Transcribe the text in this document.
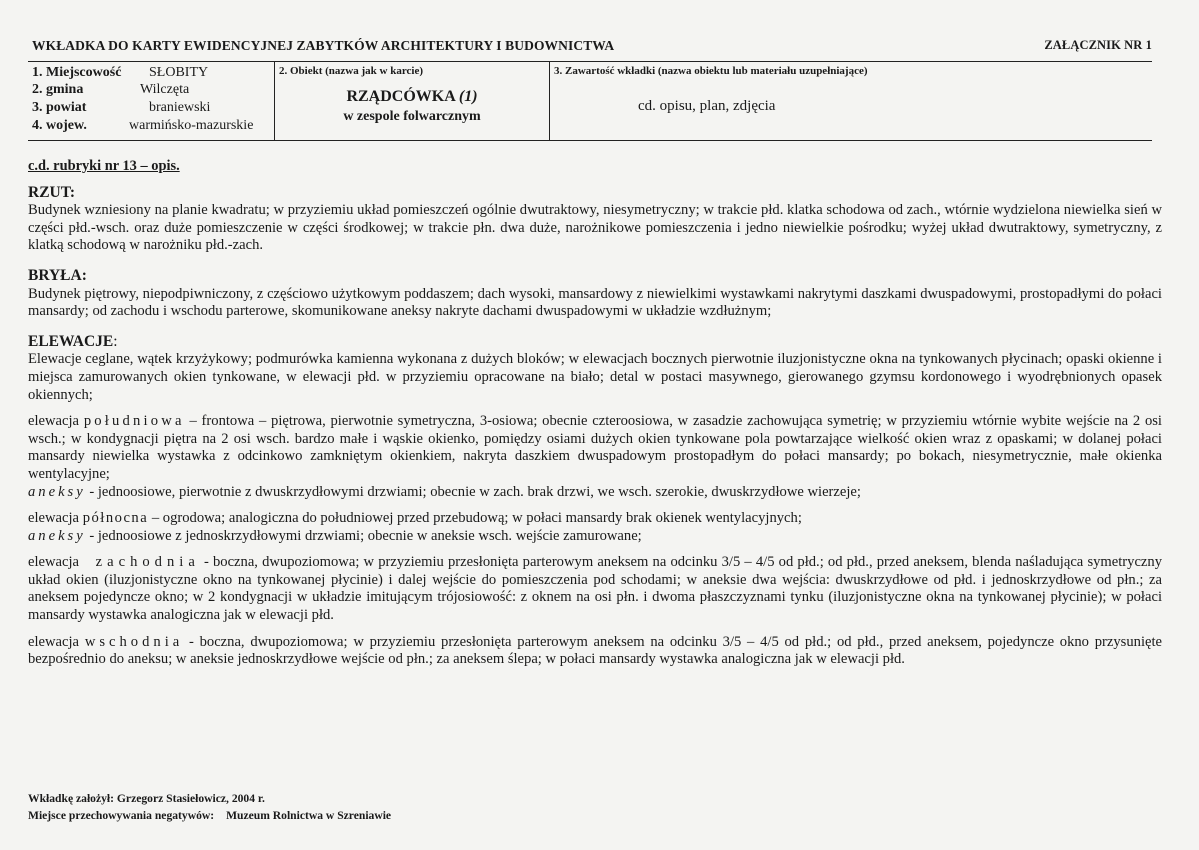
WKŁADKA DO KARTY EWIDENCYJNEJ ZABYTKÓW ARCHITEKTURY I BUDOWNICTWA	ZAŁĄCZNIK NR 1
1. Miejscowość SŁOBITY
2. gmina	Wilczęta
3. powiat	braniewski
4. wojew.	warmińsko-mazurskie
2. Obiekt (nazwa jak w karcie)
RZĄDCÓWKA (1)
w zespole folwarcznym
3. Zawartość wkładki (nazwa obiektu lub materiału uzupełniające)
cd. opisu, plan, zdjęcia
c.d. rubryki nr 13 – opis.
RZUT:

Budynek wzniesiony na planie kwadratu; w przyziemiu układ pomieszczeń ogólnie dwutraktowy, niesymetryczny; w trakcie płd. klatka schodowa od zach., wtórnie wydzielona niewielka sień w części płd.-wsch. oraz duże pomieszczenie w części środkowej; w trakcie płn. dwa duże, narożnikowe pomieszczenia i jedno niewielkie pośrodku; wyżej układ dwutraktowy, symetryczny, z klatką schodową w narożniku płd.-zach.

BRYŁA:

Budynek piętrowy, niepodpiwniczony, z częściowo użytkowym poddaszem; dach wysoki, mansardowy z niewielkimi wystawkami nakrytymi daszkami dwuspadowymi, prostopadłymi do połaci mansardy; od zachodu i wschodu parterowe, skomunikowane aneksy nakryte dachami dwuspadowymi w układzie wzdłużnym;

ELEWACJE:

Elewacje ceglane, wątek krzyżykowy; podmurówka kamienna wykonana z dużych bloków; w elewacjach bocznych pierwotnie iluzjonistyczne okna na tynkowanych płycinach; opaski okienne i miejsca zamurowanych okien tynkowane, w elewacji płd. w przyziemiu opracowane na biało; detal w postaci masywnego, gierowanego gzymsu kordonowego i wyodrębnionych opasek okiennych;

elewacja południowa – frontowa – piętrowa, pierwotnie symetryczna, 3-osiowa; obecnie czteroosiowa, w zasadzie zachowująca symetrię; w przyziemiu wtórnie wybite wejście na 2 osi wsch.; w kondygnacji piętra na 2 osi wsch. bardzo małe i wąskie okienko, pomiędzy osiami dużych okien tynkowane pola powtarzające wielkość okien wraz z opaskami; w dolanej połaci mansardy niewielka wystawka z odcinkowo zamkniętym okienkiem, nakryta daszkiem dwuspadowym prostopadłym do połaci mansardy; po bokach, niesymetrycznie, małe okienka wentylacyjne;
aneksy - jednoosiowe, pierwotnie z dwuskrzydłowymi drzwiami; obecnie w zach. brak drzwi, we wsch. szerokie, dwuskrzydłowe wierzeje;

elewacja północna – ogrodowa; analogiczna do południowej przed przebudową; w połaci mansardy brak okienek wentylacyjnych;
aneksy - jednoosiowe z jednoskrzydłowymi drzwiami; obecnie w aneksie wsch. wejście zamurowane;

elewacja zachodnia - boczna, dwupoziomowa; w przyziemiu przesłonięta parterowym aneksem na odcinku 3/5 – 4/5 od płd.; od płd., przed aneksem, blenda naśladująca symetryczny układ okien (iluzjonistyczne okno na tynkowanej płycinie) i dalej wejście do pomieszczenia pod schodami; w aneksie dwa wejścia: dwuskrzydłowe od płd. i jednoskrzydłowe od płn.; za aneksem pojedyncze okno; w 2 kondygnacji w układzie imitującym trójosiowość: z oknem na osi płn. i dwoma płaszczyznami tynku (iluzjonistyczne okna na tynkowanej płycinie); w połaci mansardy wystawka analogiczna jak w elewacji płd.

elewacja wschodnia - boczna, dwupoziomowa; w przyziemiu przesłonięta parterowym aneksem na odcinku 3/5 – 4/5 od płd.; od płd., przed aneksem, pojedyncze okno przysunięte bezpośrednio do aneksu; w aneksie jednoskrzydłowe wejście od płn.; za aneksem ślepa; w połaci mansardy wystawka analogiczna jak w elewacji płd.

Wkładkę założył: Grzegorz Stasiełowicz, 2004 r.
Miejsce przechowywania negatywów: Muzeum Rolnictwa w Szreniawie
